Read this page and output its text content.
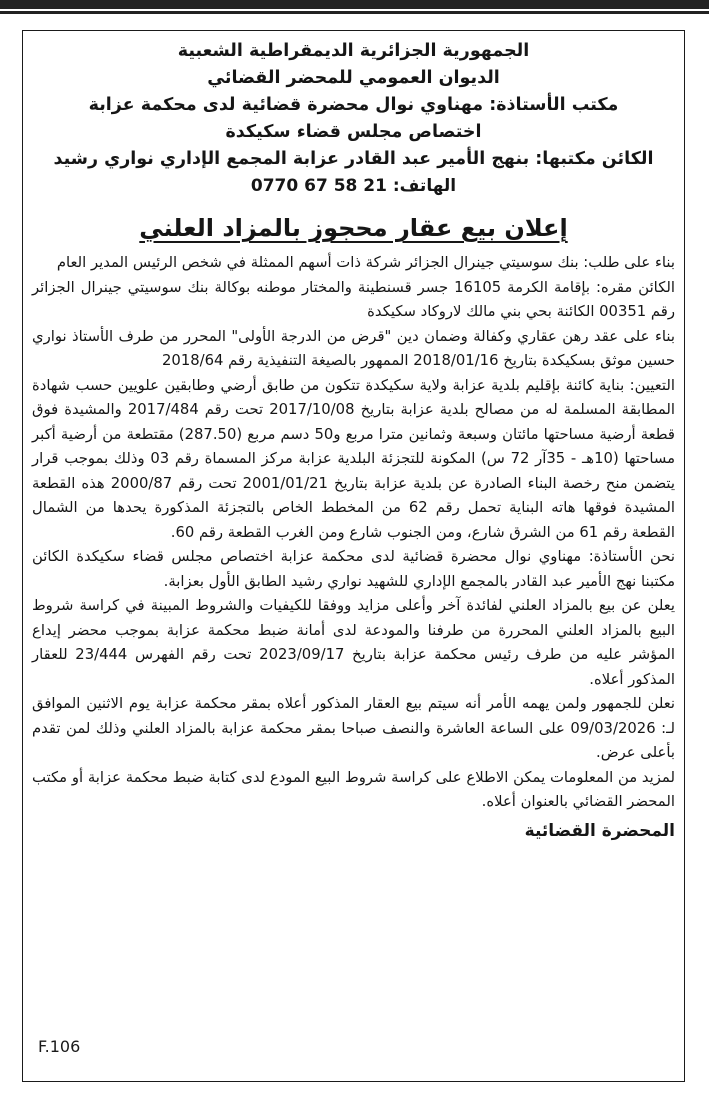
الجمهورية الجزائرية الديمقراطية الشعبية
الديوان العمومي للمحضر القضائي
مكتب الأستاذة: مهناوي نوال محضرة قضائية لدى محكمة عزابة
اختصاص مجلس قضاء سكيكدة
الكائن مكتبها: بنهج الأمير عبد القادر عزابة المجمع الإداري نواري رشيد
الهاتف: 21 58 67 0770
إعلان بيع عقار محجوز بالمزاد العلني

بناء على طلب: بنك سوسيتي جينرال الجزائر شركة ذات أسهم الممثلة في شخص الرئيس المدير العام

الكائن مقره: بإقامة الكرمة 16105 جسر قسنطينة والمختار موطنه بوكالة بنك سوسيتي جينرال الجزائر رقم 00351 الكائنة بحي بني مالك لاروكاد سكيكدة

بناء على عقد رهن عقاري وكفالة وضمان دين "قرض من الدرجة الأولى" المحرر من طرف الأستاذ نواري حسين موثق بسكيكدة بتاريخ 2018/01/16 الممهور بالصيغة التنفيذية رقم 2018/64

التعيين: بناية كائنة بإقليم بلدية عزابة ولاية سكيكدة تتكون من طابق أرضي وطابقين علويين حسب شهادة المطابقة المسلمة له من مصالح بلدية عزابة بتاريخ 2017/10/08 تحت رقم 2017/484 والمشيدة فوق قطعة أرضية مساحتها مائتان وسبعة وثمانين مترا مربع و50 دسم مربع (287.50) مقتطعة من أرضية أكبر مساحتها (10هـ - 35آر 72 س) المكونة للتجزئة البلدية عزابة مركز المسماة رقم 03 وذلك بموجب قرار يتضمن منح رخصة البناء الصادرة عن بلدية عزابة بتاريخ 2001/01/21 تحت رقم 2000/87 هذه القطعة المشيدة فوقها هاته البناية تحمل رقم 62 من المخطط الخاص بالتجزئة المذكورة يحدها من الشمال القطعة رقم 61 من الشرق شارع، ومن الجنوب شارع ومن الغرب القطعة رقم 60.

نحن الأستاذة: مهناوي نوال محضرة قضائية لدى محكمة عزابة اختصاص مجلس قضاء سكيكدة الكائن مكتبنا نهج الأمير عبد القادر بالمجمع الإداري للشهيد نواري رشيد الطابق الأول بعزابة.

يعلن عن بيع بالمزاد العلني لفائدة آخر وأعلى مزايد ووفقا للكيفيات والشروط المبينة في كراسة شروط البيع بالمزاد العلني المحررة من طرفنا والمودعة لدى أمانة ضبط محكمة عزابة بموجب محضر إيداع المؤشر عليه من طرف رئيس محكمة عزابة بتاريخ 2023/09/17 تحت رقم الفهرس 23/444 للعقار المذكور أعلاه.

نعلن للجمهور ولمن يهمه الأمر أنه سيتم بيع العقار المذكور أعلاه بمقر محكمة عزابة يوم الاثنين الموافق لـ: 09/03/2026 على الساعة العاشرة والنصف صباحا بمقر محكمة عزابة بالمزاد العلني وذلك لمن تقدم بأعلى عرض.

لمزيد من المعلومات يمكن الاطلاع على كراسة شروط البيع المودع لدى كتابة ضبط محكمة عزابة أو مكتب المحضر القضائي بالعنوان أعلاه.

المحضرة القضائية
F.106
